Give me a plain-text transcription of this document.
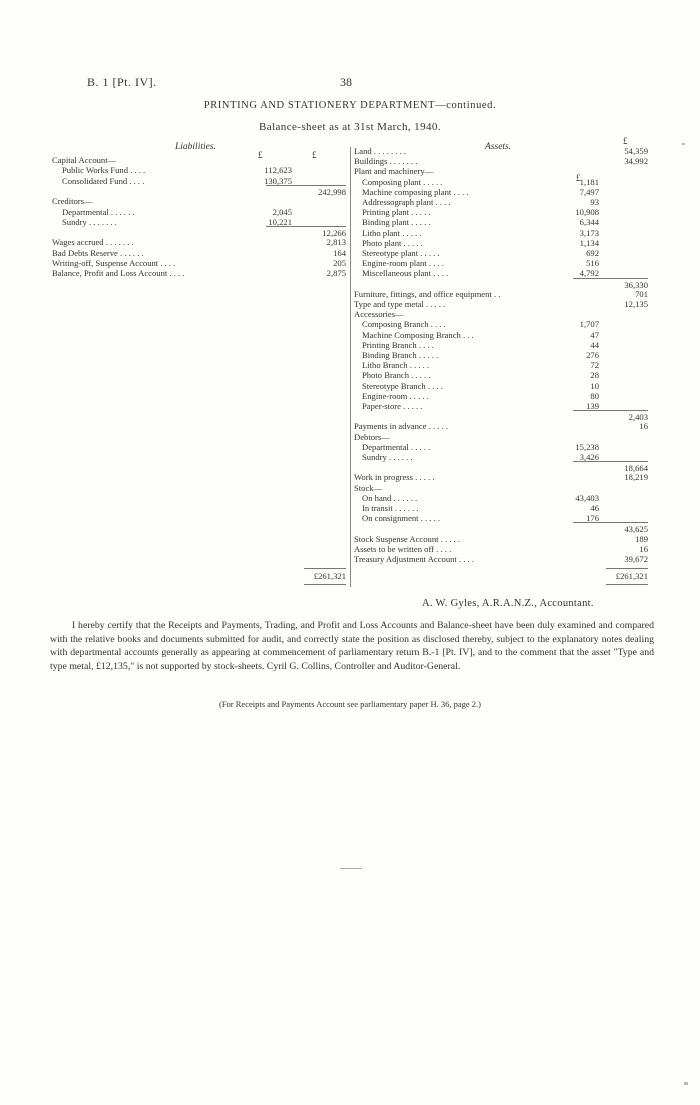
B. 1 [Pt. IV].	38
PRINTING AND STATIONERY DEPARTMENT—continued.
Balance-sheet as at 31st March, 1940.
Liabilities.
£	£
Capital Account—
Public Works Fund . . . .	112,623
Consolidated Fund . . . .	130,375
242,998
Creditors—
Departmental . . . . . .	2,045
Sundry . . . . . . .	10,221
12,266
Wages accrued . . . . . . .	2,813
Bad Debts Reserve . . . . . .	164
Writing-off, Suspense Account . . . .	205
Balance, Profit and Loss Account . . . .	2,875
£261,321
Assets.
£
£
Land . . . . . . . .	54,359
Buildings . . . . . . .	34,992
Plant and machinery—
Composing plant . . . . .	1,181
Machine composing plant . . . .	7,497
Addressograph plant . . . .	93
Printing plant . . . . .	10,908
Binding plant . . . . .	6,344
Litho plant . . . . .	3,173
Photo plant . . . . .	1,134
Stereotype plant . . . . .	692
Engine-room plant . . . .	516
Miscellaneous plant . . . .	4,792
36,330
Furniture, fittings, and office equipment . .	701
Type and type metal . . . . .	12,135
Accessories—
Composing Branch . . . .	1,707
Machine Composing Branch . . .	47
Printing Branch . . . .	44
Binding Branch . . . . .	276
Litho Branch . . . . .	72
Photo Branch . . . . .	28
Stereotype Branch . . . .	10
Engine-room . . . . .	80
Paper-store . . . . .	139
2,403
Payments in advance . . . . .	16
Debtors—
Departmental . . . . .	15,238
Sundry . . . . . .	3,426
18,664
Work in progress . . . . .	18,219
Stock—
On hand . . . . . .	43,403
In transit . . . . . .	46
On consignment . . . . .	176
43,625
Stock Suspense Account . . . . .	189
Assets to be written off . . . .	16
Treasury Adjustment Account . . . .	39,672
£261,321
A. W. Gyles, A.R.A.N.Z., Accountant.

I hereby certify that the Receipts and Payments, Trading, and Profit and Loss Accounts and Balance-sheet have been duly examined and compared with the relative books and documents submitted for audit, and correctly state the position as disclosed thereby, subject to the explanatory notes dealing with departmental accounts generally as appearing at commencement of parliamentary return B.-1 [Pt. IV], and to the comment that the asset "Type and type metal, £12,135," is not supported by stock-sheets. Cyril G. Collins, Controller and Auditor-General.

(For Receipts and Payments Account see parliamentary paper H. 36, page 2.)
